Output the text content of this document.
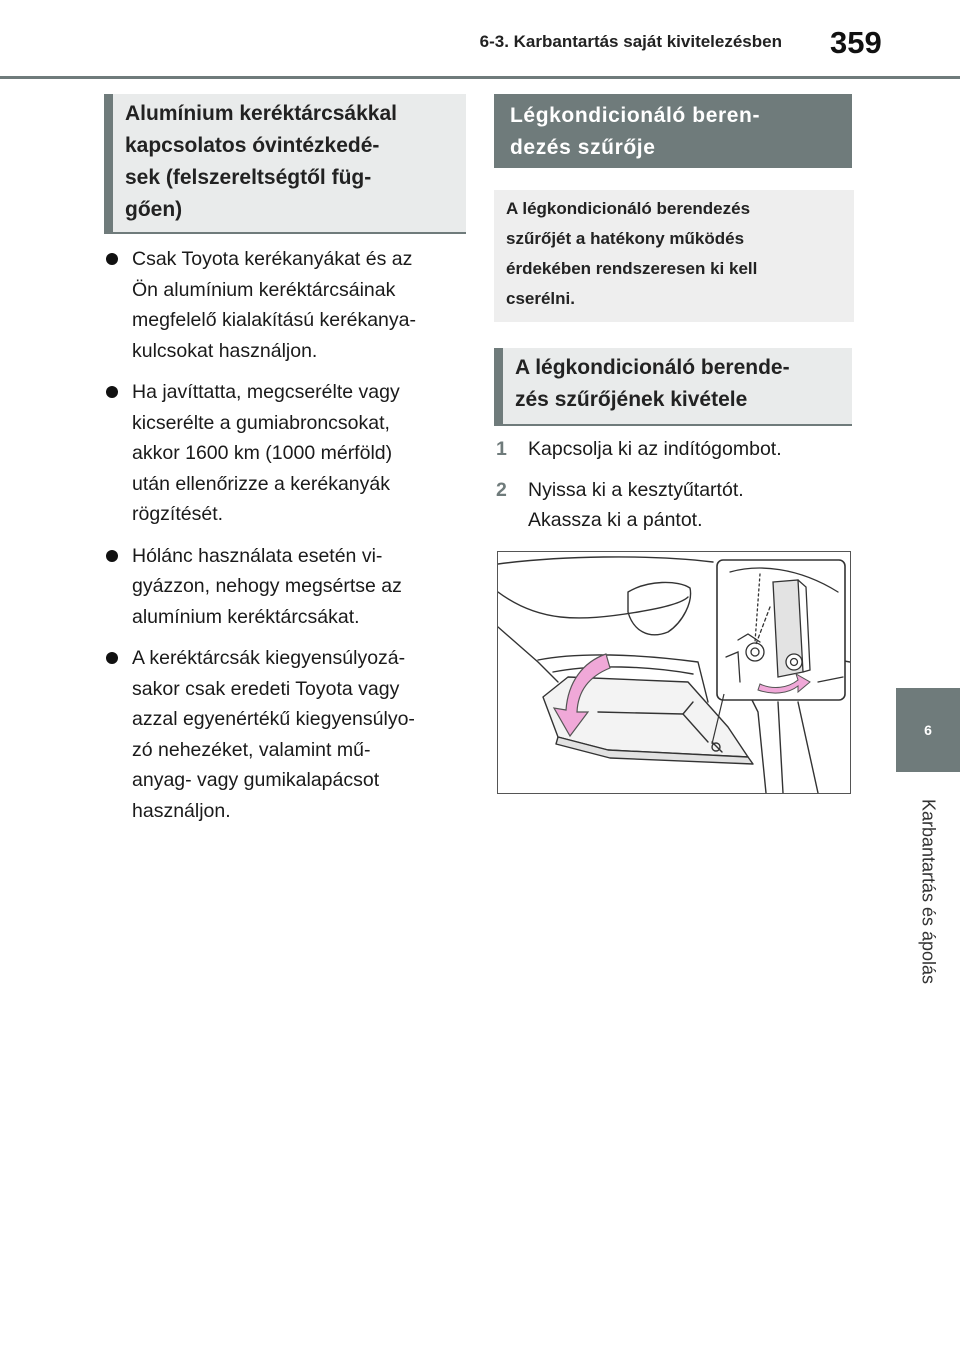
6-3. Karbantartás saját kivitelezésben 359
6
Karbantartás és ápolás
Alumínium keréktárcsákkal
kapcsolatos óvintézkedé-
sek (felszereltségtől füg-
gően)
Csak Toyota kerékanyákat és az
Ön alumínium keréktárcsáinak
megfelelő kialakítású kerékanya-
kulcsokat használjon.
Ha javíttatta, megcserélte vagy
kicserélte a gumiabroncsokat,
akkor 1600 km (1000 mérföld)
után ellenőrizze a kerékanyák
rögzítését.
Hólánc használata esetén vi-
gyázzon, nehogy megsértse az
alumínium keréktárcsákat.
A keréktárcsák kiegyensúlyozá-
sakor csak eredeti Toyota vagy
azzal egyenértékű kiegyensúlyo-
zó nehezéket, valamint mű-
anyag- vagy gumikalapácsot
használjon.
Légkondicionáló beren-
dezés szűrője
A légkondicionáló berendezés
szűrőjét a hatékony működés
érdekében rendszeresen ki kell
cserélni.
A légkondicionáló berende-
zés szűrőjének kivétele
1 Kapcsolja ki az indítógombot.
2 Nyissa ki a kesztyűtartót.
Akassza ki a pántot.
